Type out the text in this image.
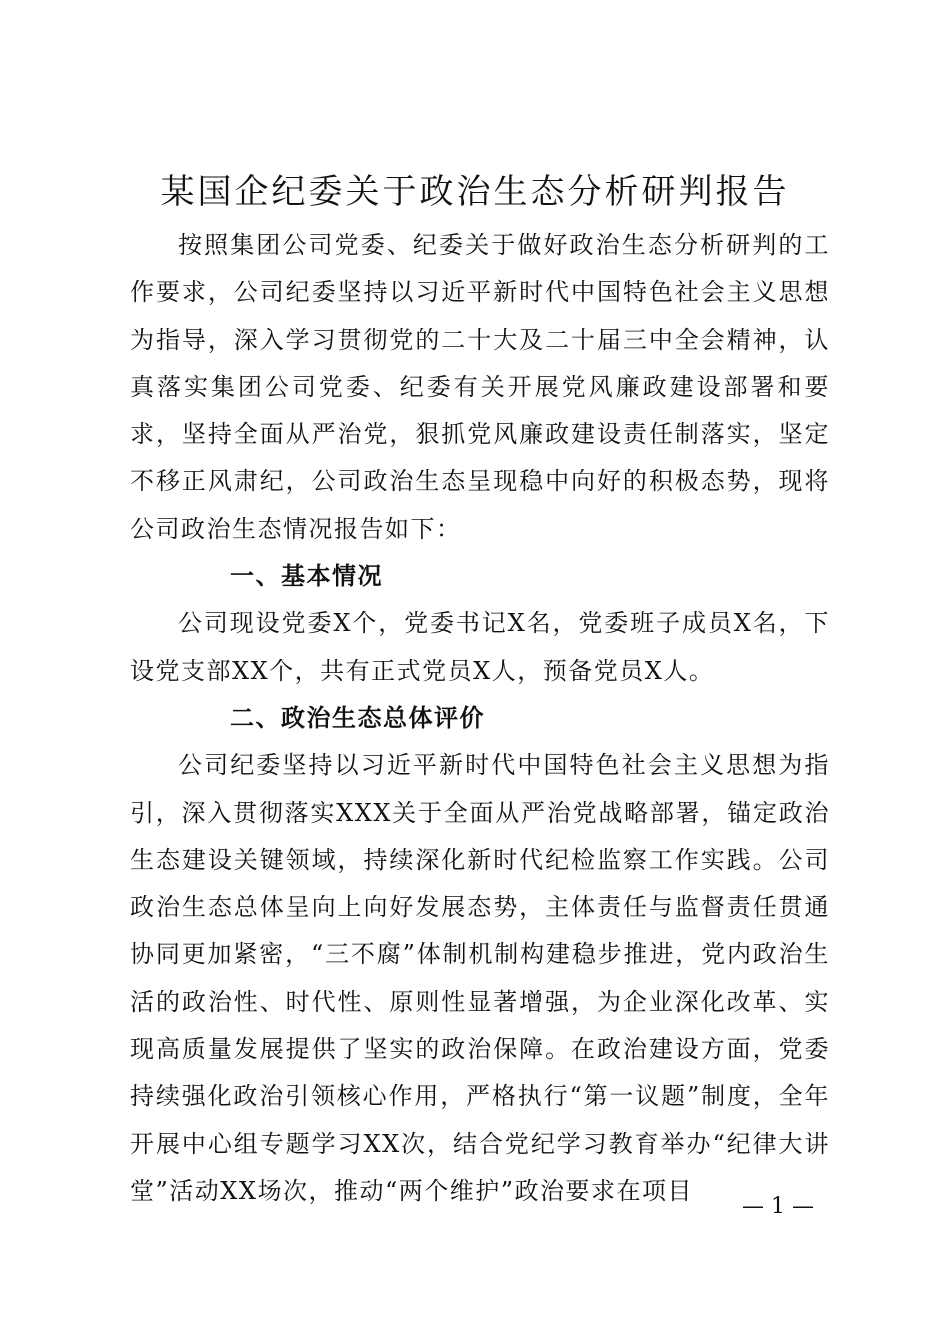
某国企纪委关于政治生态分析研判报告

按照集团公司党委、纪委关于做好政治生态分析研判的工作要求，公司纪委坚持以习近平新时代中国特色社会主义思想为指导，深入学习贯彻党的二十大及二十届三中全会精神，认真落实集团公司党委、纪委有关开展党风廉政建设部署和要求，坚持全面从严治党，狠抓党风廉政建设责任制落实，坚定不移正风肃纪，公司政治生态呈现稳中向好的积极态势，现将公司政治生态情况报告如下：

一、基本情况

公司现设党委X个，党委书记X名，党委班子成员X名，下设党支部XX个，共有正式党员X人，预备党员X人。

二、政治生态总体评价

公司纪委坚持以习近平新时代中国特色社会主义思想为指引，深入贯彻落实XXX关于全面从严治党战略部署，锚定政治生态建设关键领域，持续深化新时代纪检监察工作实践。公司政治生态总体呈向上向好发展态势，主体责任与监督责任贯通协同更加紧密，“三不腐”体制机制构建稳步推进，党内政治生活的政治性、时代性、原则性显著增强，为企业深化改革、实现高质量发展提供了坚实的政治保障。在政治建设方面，党委持续强化政治引领核心作用，严格执行“第一议题”制度，全年开展中心组专题学习XX次，结合党纪学习教育举办“纪律大讲堂”活动XX场次，推动“两个维护”政治要求在项目

— 1 —
